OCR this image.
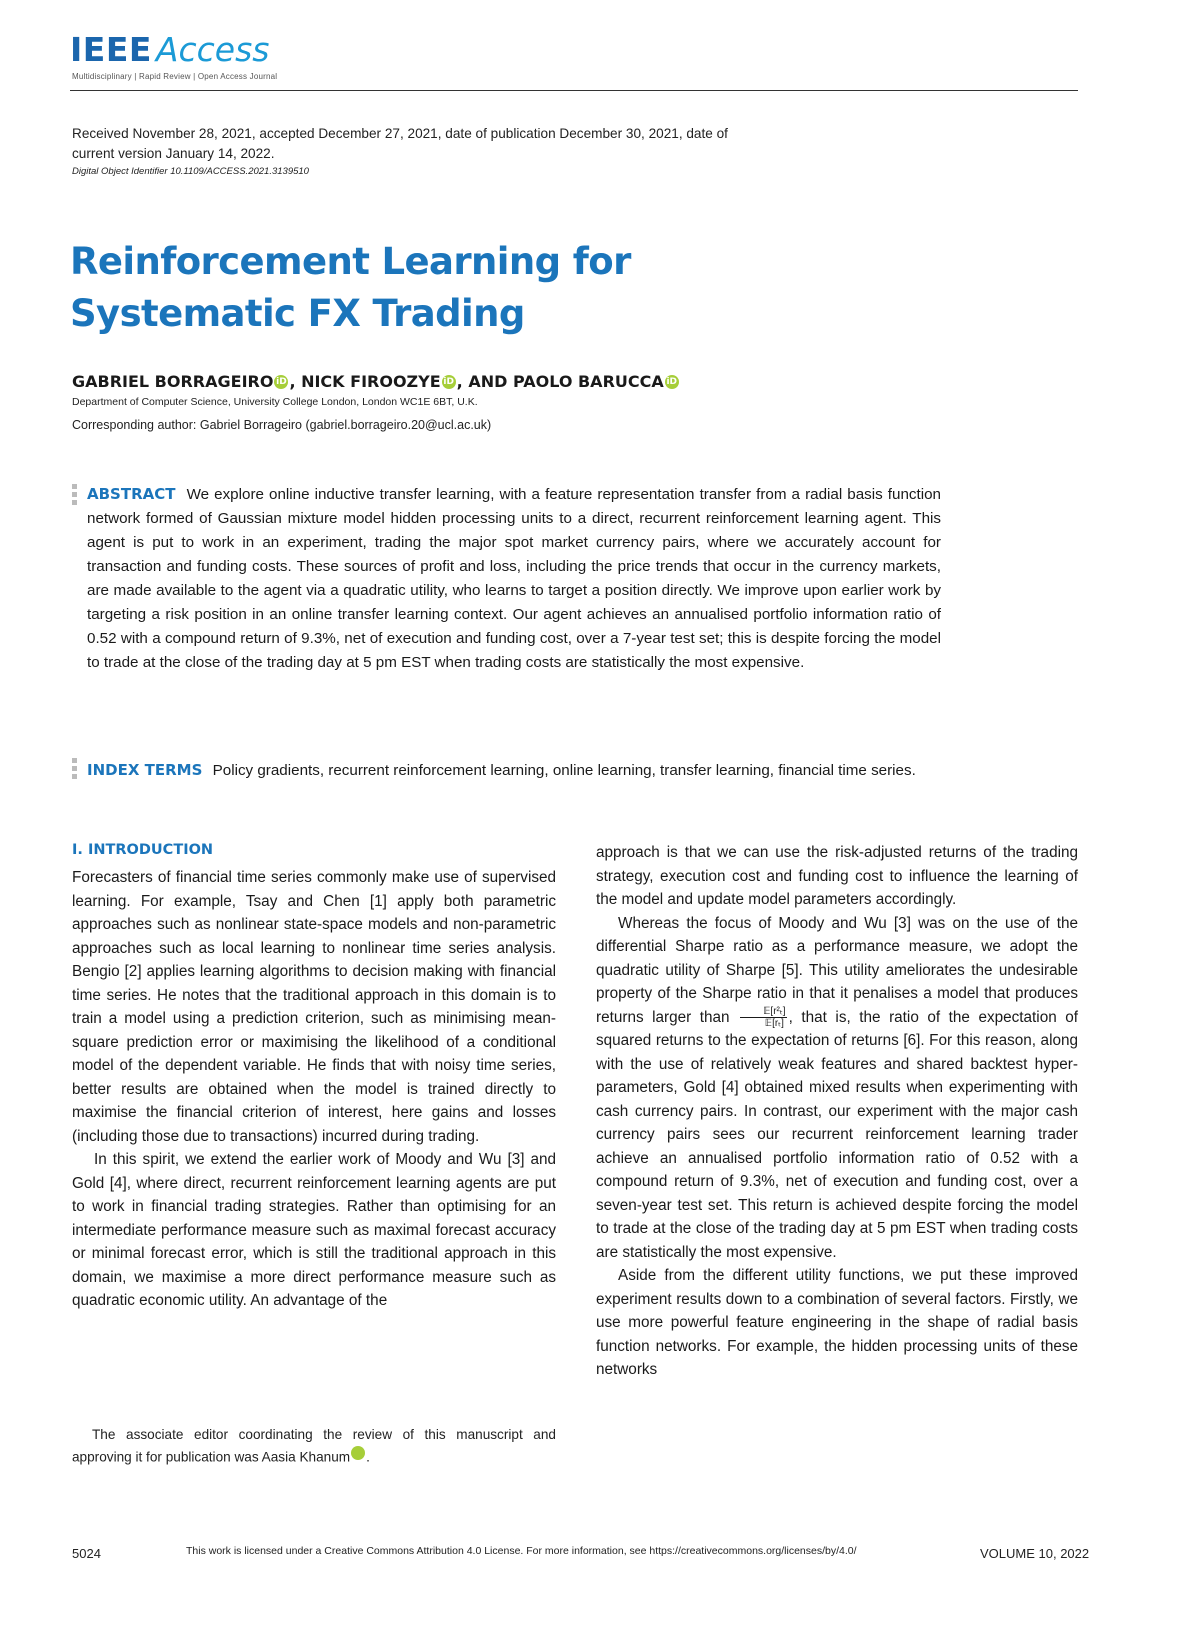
IEEE Access
Multidisciplinary | Rapid Review | Open Access Journal
Received November 28, 2021, accepted December 27, 2021, date of publication December 30, 2021, date of current version January 14, 2022.
Digital Object Identifier 10.1109/ACCESS.2021.3139510
Reinforcement Learning for Systematic FX Trading
GABRIEL BORRAGEIRO iD , NICK FIROOZYE iD , AND PAOLO BARUCCA iD
Department of Computer Science, University College London, London WC1E 6BT, U.K.
Corresponding author: Gabriel Borrageiro (gabriel.borrageiro.20@ucl.ac.uk)
ABSTRACT We explore online inductive transfer learning, with a feature representation transfer from a radial basis function network formed of Gaussian mixture model hidden processing units to a direct, recurrent reinforcement learning agent. This agent is put to work in an experiment, trading the major spot market currency pairs, where we accurately account for transaction and funding costs. These sources of profit and loss, including the price trends that occur in the currency markets, are made available to the agent via a quadratic utility, who learns to target a position directly. We improve upon earlier work by targeting a risk position in an online transfer learning context. Our agent achieves an annualised portfolio information ratio of 0.52 with a compound return of 9.3%, net of execution and funding cost, over a 7-year test set; this is despite forcing the model to trade at the close of the trading day at 5 pm EST when trading costs are statistically the most expensive.
INDEX TERMS Policy gradients, recurrent reinforcement learning, online learning, transfer learning, financial time series.
I. INTRODUCTION

Forecasters of financial time series commonly make use of supervised learning. For example, Tsay and Chen [1] apply both parametric approaches such as nonlinear state-space models and non-parametric approaches such as local learning to nonlinear time series analysis. Bengio [2] applies learning algorithms to decision making with financial time series. He notes that the traditional approach in this domain is to train a model using a prediction criterion, such as minimising mean-square prediction error or maximising the likelihood of a conditional model of the dependent variable. He finds that with noisy time series, better results are obtained when the model is trained directly to maximise the financial criterion of interest, here gains and losses (including those due to transactions) incurred during trading.

In this spirit, we extend the earlier work of Moody and Wu [3] and Gold [4], where direct, recurrent reinforcement learning agents are put to work in financial trading strategies. Rather than optimising for an intermediate performance measure such as maximal forecast accuracy or minimal forecast error, which is still the traditional approach in this domain, we maximise a more direct performance measure such as quadratic economic utility. An advantage of the

approach is that we can use the risk-adjusted returns of the trading strategy, execution cost and funding cost to influence the learning of the model and update model parameters accordingly.

Whereas the focus of Moody and Wu [3] was on the use of the differential Sharpe ratio as a performance measure, we adopt the quadratic utility of Sharpe [5]. This utility ameliorates the undesirable property of the Sharpe ratio in that it penalises a model that produces returns larger than $\frac{\text{𝔼[r²ₜ]}}{\text{𝔼[rₜ]}}$ , that is, the ratio of the expectation of squared returns to the expectation of returns [6]. For this reason, along with the use of relatively weak features and shared backtest hyper-parameters, Gold [4] obtained mixed results when experimenting with cash currency pairs. In contrast, our experiment with the major cash currency pairs sees our recurrent reinforcement learning trader achieve an annualised portfolio information ratio of 0.52 with a compound return of 9.3%, net of execution and funding cost, over a seven-year test set. This return is achieved despite forcing the model to trade at the close of the trading day at 5 pm EST when trading costs are statistically the most expensive.

Aside from the different utility functions, we put these improved experiment results down to a combination of several factors. Firstly, we use more powerful feature engineering in the shape of radial basis function networks. For example, the hidden processing units of these networks

The associate editor coordinating the review of this manuscript and approving it for publication was Aasia Khanum iD.
5024	This work is licensed under a Creative Commons Attribution 4.0 License. For more information, see https://creativecommons.org/licenses/by/4.0/	VOLUME 10, 2022
